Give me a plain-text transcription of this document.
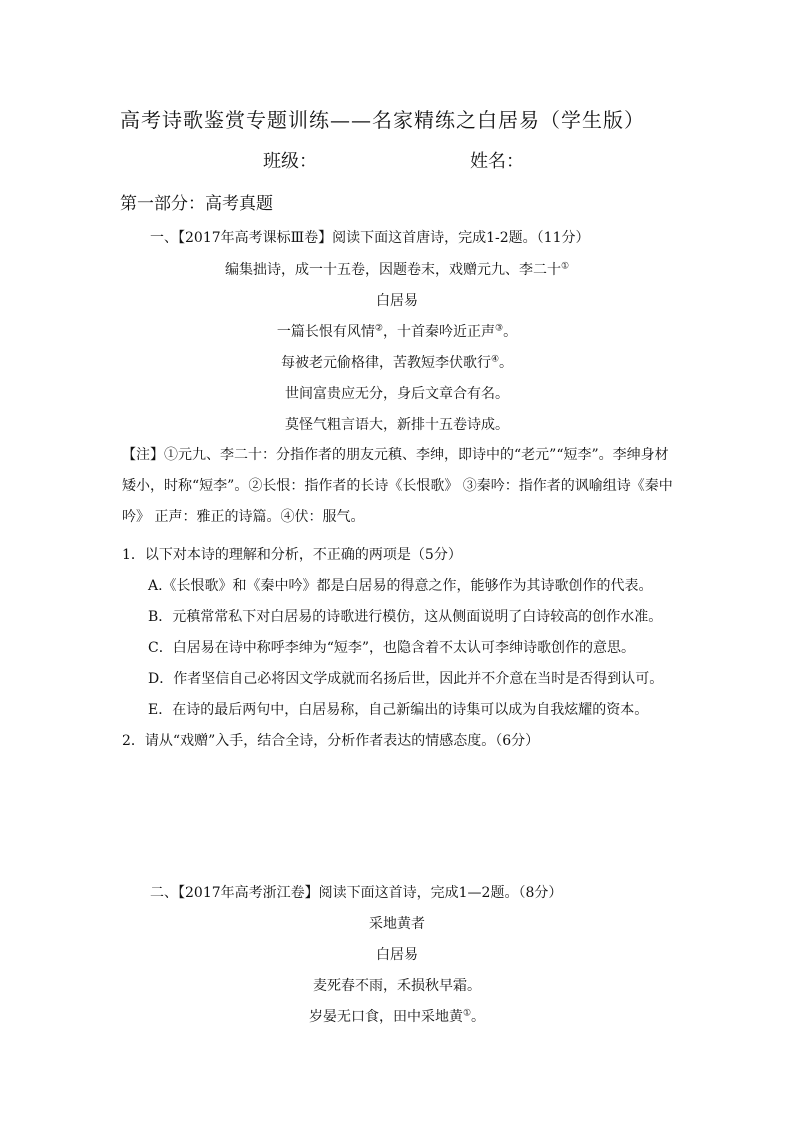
高考诗歌鉴赏专题训练——名家精练之白居易（学生版）
班级：	姓名：
第一部分：高考真题
一、【2017年高考课标Ⅲ卷】阅读下面这首唐诗，完成1-2题。（11分）
编集拙诗，成一十五卷，因题卷末，戏赠元九、李二十①
白居易
一篇长恨有风情②，十首秦吟近正声③。
每被老元偷格律，苦教短李伏歌行④。
世间富贵应无分，身后文章合有名。
莫怪气粗言语大，新排十五卷诗成。
【注】①元九、李二十：分指作者的朋友元稹、李绅，即诗中的“老元”“短李”。李绅身材矮小，时称“短李”。②长恨：指作者的长诗《长恨歌》 ③秦吟：指作者的讽喻组诗《秦中吟》 正声：雅正的诗篇。④伏：服气。
1．以下对本诗的理解和分析，不正确的两项是（5分）
A.《长恨歌》和《秦中吟》都是白居易的得意之作，能够作为其诗歌创作的代表。
B．元稹常常私下对白居易的诗歌进行模仿，这从侧面说明了白诗较高的创作水准。
C．白居易在诗中称呼李绅为“短李”，也隐含着不太认可李绅诗歌创作的意思。
D．作者坚信自己必将因文学成就而名扬后世，因此并不介意在当时是否得到认可。
E．在诗的最后两句中，白居易称，自己新编出的诗集可以成为自我炫耀的资本。
2．请从“戏赠”入手，结合全诗，分析作者表达的情感态度。（6分）
二、【2017年高考浙江卷】阅读下面这首诗，完成1—2题。（8分）
采地黄者
白居易
麦死春不雨，禾损秋早霜。
岁晏无口食，田中采地黄①。
